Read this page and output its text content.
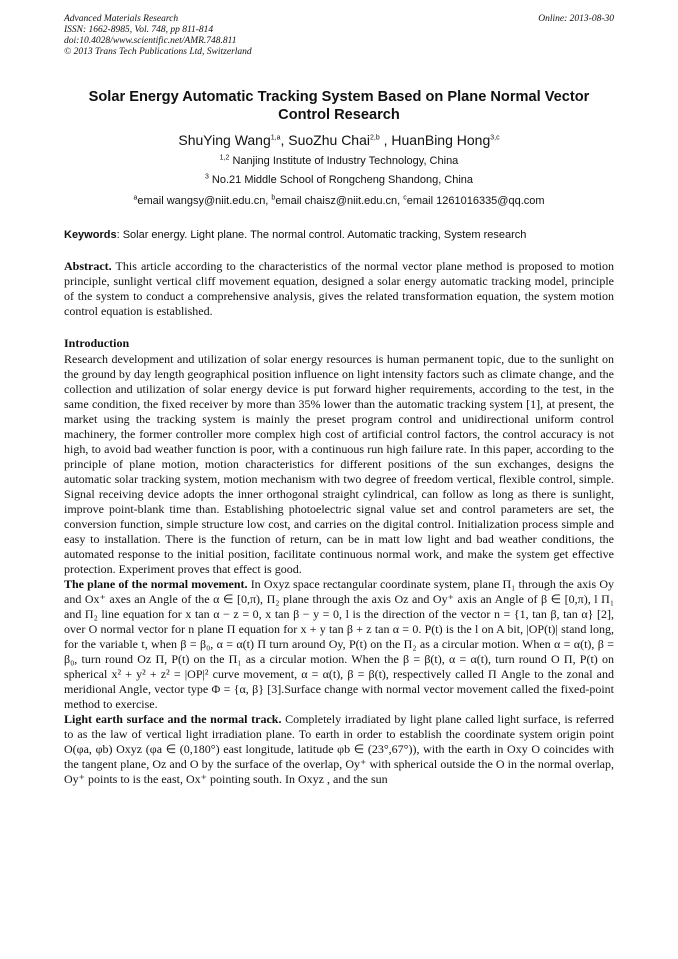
Advanced Materials Research	Online: 2013-08-30
ISSN: 1662-8985, Vol. 748, pp 811-814
doi:10.4028/www.scientific.net/AMR.748.811
© 2013 Trans Tech Publications Ltd, Switzerland
Solar Energy Automatic Tracking System Based on Plane Normal Vector
Control Research
ShuYing Wang$^{1,a}$, SuoZhu Chai$^{2,b}$ , HuanBing Hong$^{3,c}$
$^{1,2}$ Nanjing Institute of Industry Technology, China
$^3$ No.21 Middle School of Rongcheng Shandong, China
$^a$email wangsy@niit.edu.cn, $^b$email chaisz@niit.edu.cn, $^c$email 1261016335@qq.com
Keywords: Solar energy. Light plane. The normal control. Automatic tracking, System research
Abstract. This article according to the characteristics of the normal vector plane method is proposed to motion principle, sunlight vertical cliff movement equation, designed a solar energy automatic tracking model, principle of the system to conduct a comprehensive analysis, gives the related transformation equation, the system motion control equation is established.
Introduction
Research development and utilization of solar energy resources is human permanent topic, due to the sunlight on the ground by day length geographical position influence on light intensity factors such as climate change, and the collection and utilization of solar energy device is put forward higher requirements, according to the test, in the same condition, the fixed receiver by more than 35% lower than the automatic tracking system [1], at present, the market using the tracking system is mainly the preset program control and unidirectional uniform control machinery, the former controller more complex high cost of artificial control factors, the control accuracy is not high, to avoid bad weather function is poor, with a continuous run high failure rate. In this paper, according to the principle of plane motion, motion characteristics for different positions of the sun exchanges, designs the automatic solar tracking system, motion mechanism with two degree of freedom vertical, flexible control, simple. Signal receiving device adopts the inner orthogonal straight cylindrical, can follow as long as there is sunlight, improve point-blank time than. Establishing photoelectric signal value set and control parameters are set, the conversion function, simple structure low cost, and carries on the digital control. Initialization process simple and easy to installation. There is the function of return, can be in matt low light and bad weather conditions, the automated response to the initial position, facilitate continuous normal work, and make the system get effective protection. Experiment proves that effect is good.
The plane of the normal movement. In Oxyz space rectangular coordinate system, plane Π₁ through the axis Oy and Ox⁺ axes an Angle of the α ∈ [0,π), Π₂ plane through the axis Oz and Oy⁺ axis an Angle of β ∈ [0,π), l Π₁ and Π₂ line equation for x tan α − z = 0, x tan β − y = 0, l is the direction of the vector n = {1, tan β, tan α} [2], over O normal vector for n plane Π equation for x + y tan β + z tan α = 0. P(t) is the l on A bit, |OP(t)| stand long, for the variable t, when β = β₀, α = α(t) Π turn around Oy, P(t) on the Π₂ as a circular motion. When α = α(t), β = β₀, turn round Oz Π, P(t) on the Π₁ as a circular motion. When the β = β(t), α = α(t), turn round O Π, P(t) on spherical x² + y² + z² = |OP|² curve movement, α = α(t), β = β(t), respectively called Π Angle to the zonal and meridional Angle, vector type Φ = {α, β} [3].Surface change with normal vector movement called the fixed-point method to exercise.
Light earth surface and the normal track. Completely irradiated by light plane called light surface, is referred to as the law of vertical light irradiation plane. To earth in order to establish the coordinate system origin point O(φa, φb) Oxyz (φa ∈ (0,180°) east longitude, latitude φb ∈ (23°,67°)), with the earth in Oxy O coincides with the tangent plane, Oz and O by the surface of the overlap, Oy⁺ with spherical outside the O in the normal overlap, Oy⁺ points to is the east, Ox⁺ pointing south. In Oxyz , and the sun
